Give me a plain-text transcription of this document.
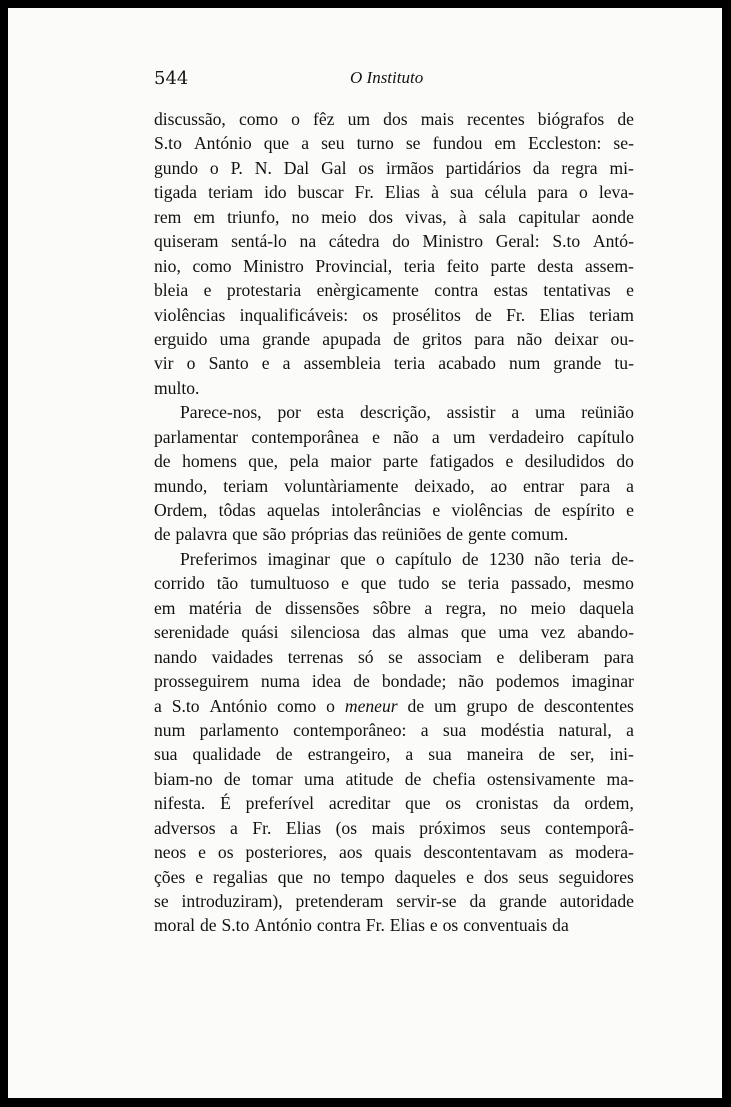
544	O Instituto
discussão, como o fêz um dos mais recentes biógrafos de
S.to António que a seu turno se fundou em Eccleston: se-
gundo o P. N. Dal Gal os irmãos partidários da regra mi-
tigada teriam ido buscar Fr. Elias à sua célula para o leva-
rem em triunfo, no meio dos vivas, à sala capitular aonde
quiseram sentá-lo na cátedra do Ministro Geral: S.to Antó-
nio, como Ministro Provincial, teria feito parte desta assem-
bleia e protestaria enèrgicamente contra estas tentativas e
violências inqualificáveis: os prosélitos de Fr. Elias teriam
erguido uma grande apupada de gritos para não deixar ou-
vir o Santo e a assembleia teria acabado num grande tu-
multo.
Parece-nos, por esta descrição, assistir a uma reünião
parlamentar contemporânea e não a um verdadeiro capítulo
de homens que, pela maior parte fatigados e desiludidos do
mundo, teriam voluntàriamente deixado, ao entrar para a
Ordem, tôdas aquelas intolerâncias e violências de espírito e
de palavra que são próprias das reüniões de gente comum.
Preferimos imaginar que o capítulo de 1230 não teria de-
corrido tão tumultuoso e que tudo se teria passado, mesmo
em matéria de dissensões sôbre a regra, no meio daquela
serenidade quási silenciosa das almas que uma vez abando-
nando vaidades terrenas só se associam e deliberam para
prosseguirem numa idea de bondade; não podemos imaginar
a S.to António como o meneur de um grupo de descontentes
num parlamento contemporâneo: a sua modéstia natural, a
sua qualidade de estrangeiro, a sua maneira de ser, ini-
biam-no de tomar uma atitude de chefia ostensivamente ma-
nifesta. É preferível acreditar que os cronistas da ordem,
adversos a Fr. Elias (os mais próximos seus contemporâ-
neos e os posteriores, aos quais descontentavam as modera-
ções e regalias que no tempo daqueles e dos seus seguidores
se introduziram), pretenderam servir-se da grande autoridade
moral de S.to António contra Fr. Elias e os conventuais da
